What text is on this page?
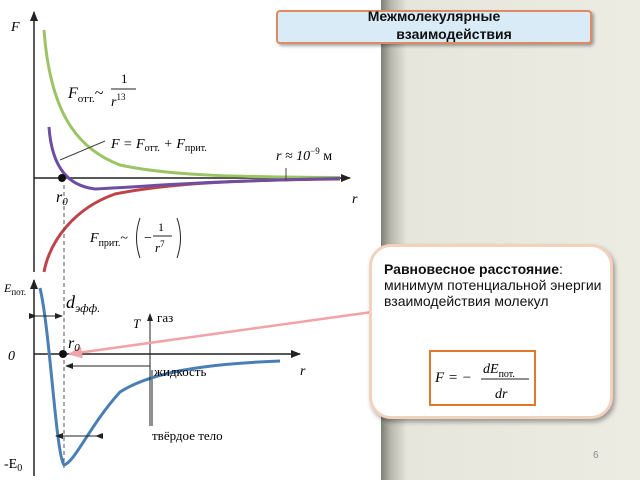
F
r
r0
$F_{отт.}\sim$
1
$r^{13}$
$F = F_{отт.} + F_{прит.}$
$r \approx 10^{-9}$ м
$F_{прит.}\sim$ −
1
$r^7$
$E_{пот.}$
r
0
$-E_0$
$d_{эфф.}$
r0
T газ
жидкость
твёрдое тело
Межмолекулярные
взаимодействия
Равновесное расстояние:
минимум потенциальной энергии взаимодействия молекул
F = −
$dE_{пот.}$
dr
6
